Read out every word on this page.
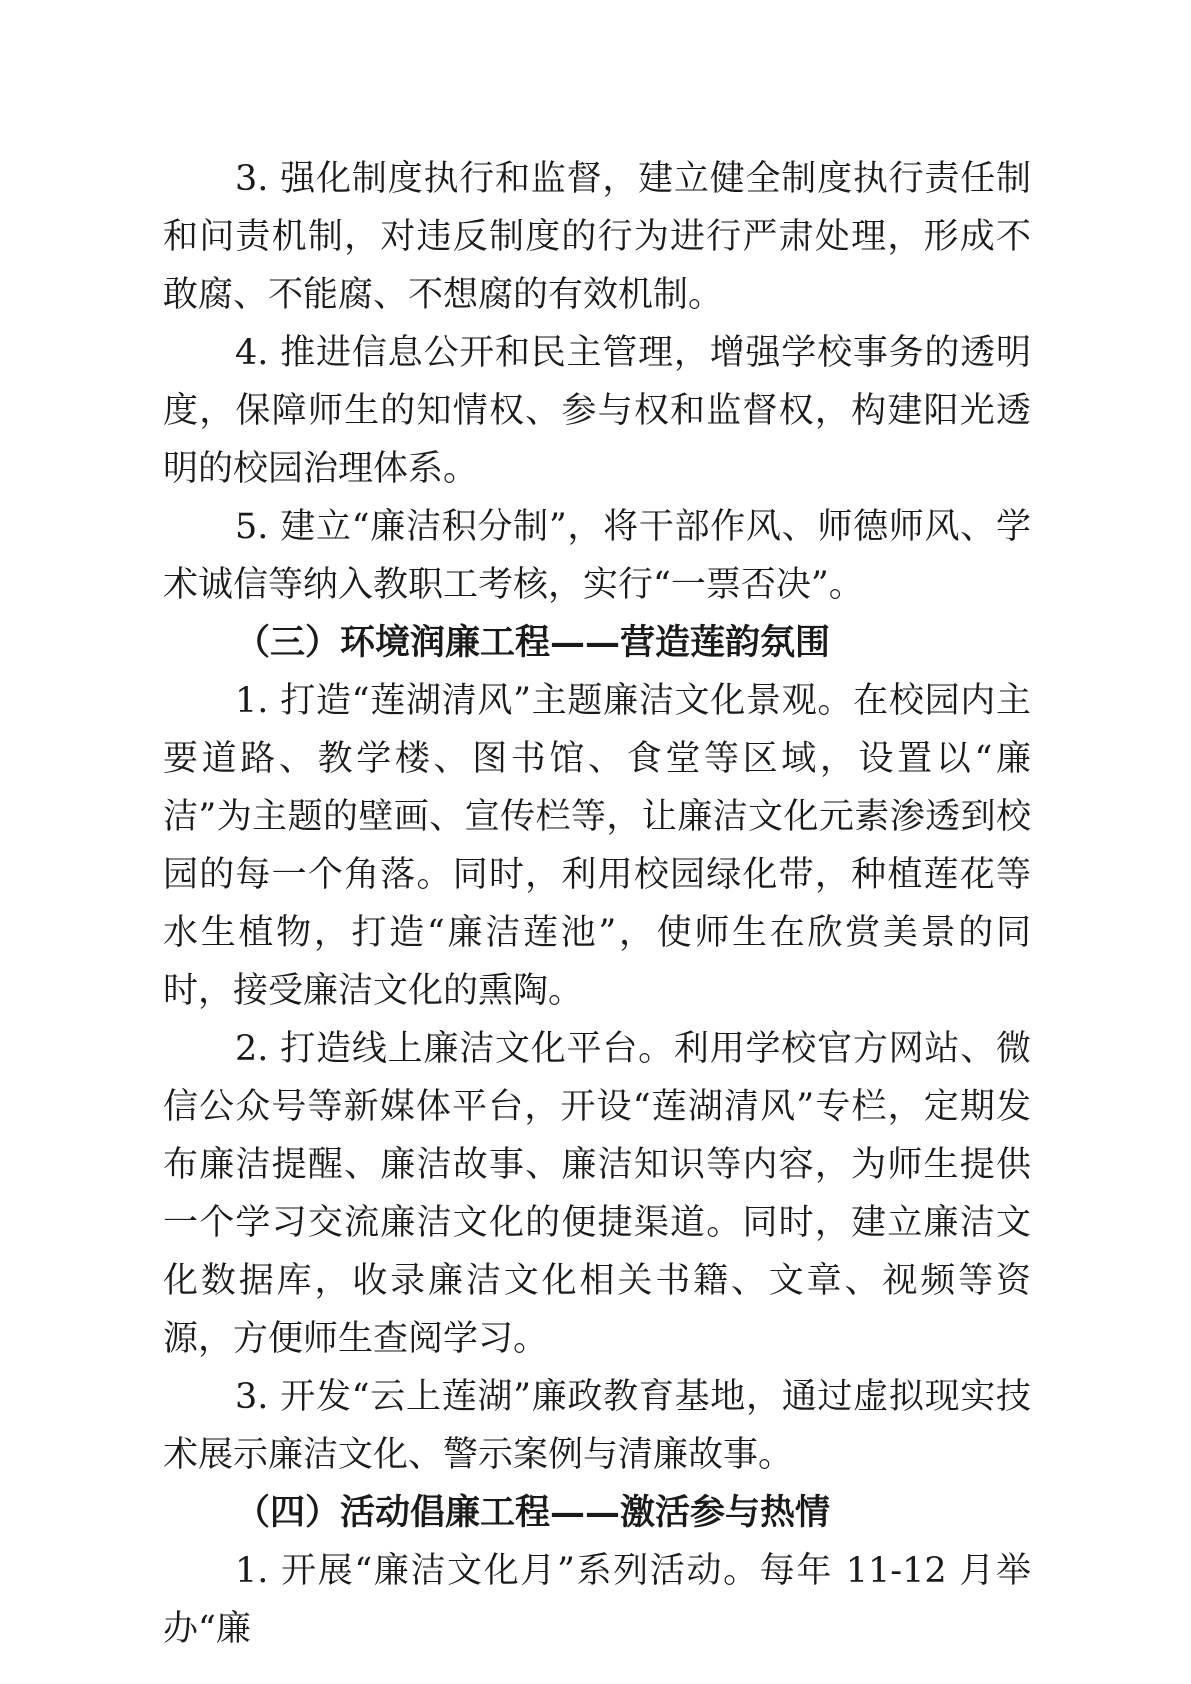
3. 强化制度执行和监督，建立健全制度执行责任制和问责机制，对违反制度的行为进行严肃处理，形成不敢腐、不能腐、不想腐的有效机制。

4. 推进信息公开和民主管理，增强学校事务的透明度，保障师生的知情权、参与权和监督权，构建阳光透明的校园治理体系。

5. 建立“廉洁积分制”，将干部作风、师德师风、学术诚信等纳入教职工考核，实行“一票否决”。

（三）环境润廉工程——营造莲韵氛围

1. 打造“莲湖清风”主题廉洁文化景观。在校园内主要道路、教学楼、图书馆、食堂等区域，设置以“廉洁”为主题的壁画、宣传栏等，让廉洁文化元素渗透到校园的每一个角落。同时，利用校园绿化带，种植莲花等水生植物，打造“廉洁莲池”，使师生在欣赏美景的同时，接受廉洁文化的熏陶。

2. 打造线上廉洁文化平台。利用学校官方网站、微信公众号等新媒体平台，开设“莲湖清风”专栏，定期发布廉洁提醒、廉洁故事、廉洁知识等内容，为师生提供一个学习交流廉洁文化的便捷渠道。同时，建立廉洁文化数据库，收录廉洁文化相关书籍、文章、视频等资源，方便师生查阅学习。

3. 开发“云上莲湖”廉政教育基地，通过虚拟现实技术展示廉洁文化、警示案例与清廉故事。

（四）活动倡廉工程——激活参与热情

1. 开展“廉洁文化月”系列活动。每年 11-12 月举办“廉
